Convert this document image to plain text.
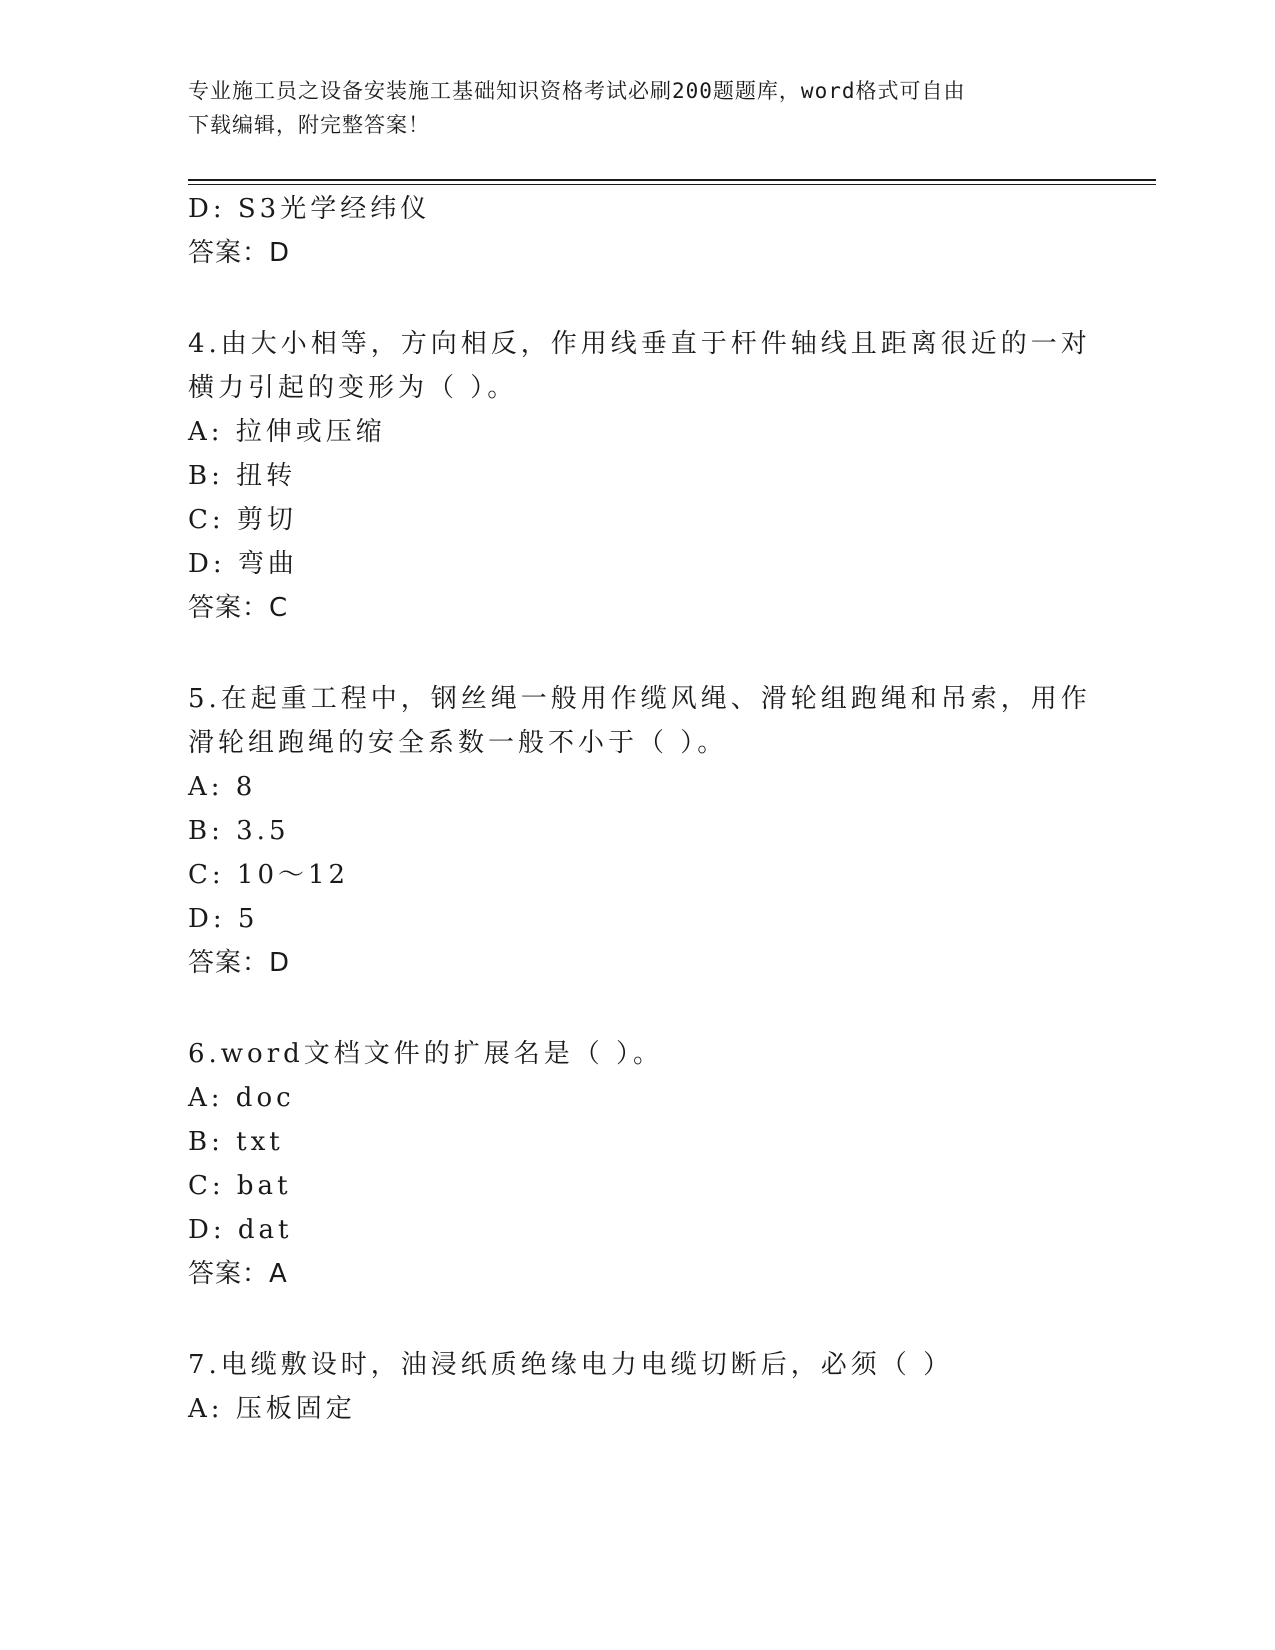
专业施工员之设备安装施工基础知识资格考试必刷200题题库，word格式可自由
下载编辑，附完整答案！
D: S3光学经纬仪
答案：D
4.由大小相等，方向相反，作用线垂直于杆件轴线且距离很近的一对
横力引起的变形为（ ）。
A: 拉伸或压缩
B: 扭转
C: 剪切
D: 弯曲
答案：C
5.在起重工程中，钢丝绳一般用作缆风绳、滑轮组跑绳和吊索，用作
滑轮组跑绳的安全系数一般不小于（ ）。
A: 8
B: 3.5
C: 10～12
D: 5
答案：D
6.word文档文件的扩展名是（ ）。
A: doc
B: txt
C: bat
D: dat
答案：A
7.电缆敷设时，油浸纸质绝缘电力电缆切断后，必须（ ）
A: 压板固定
